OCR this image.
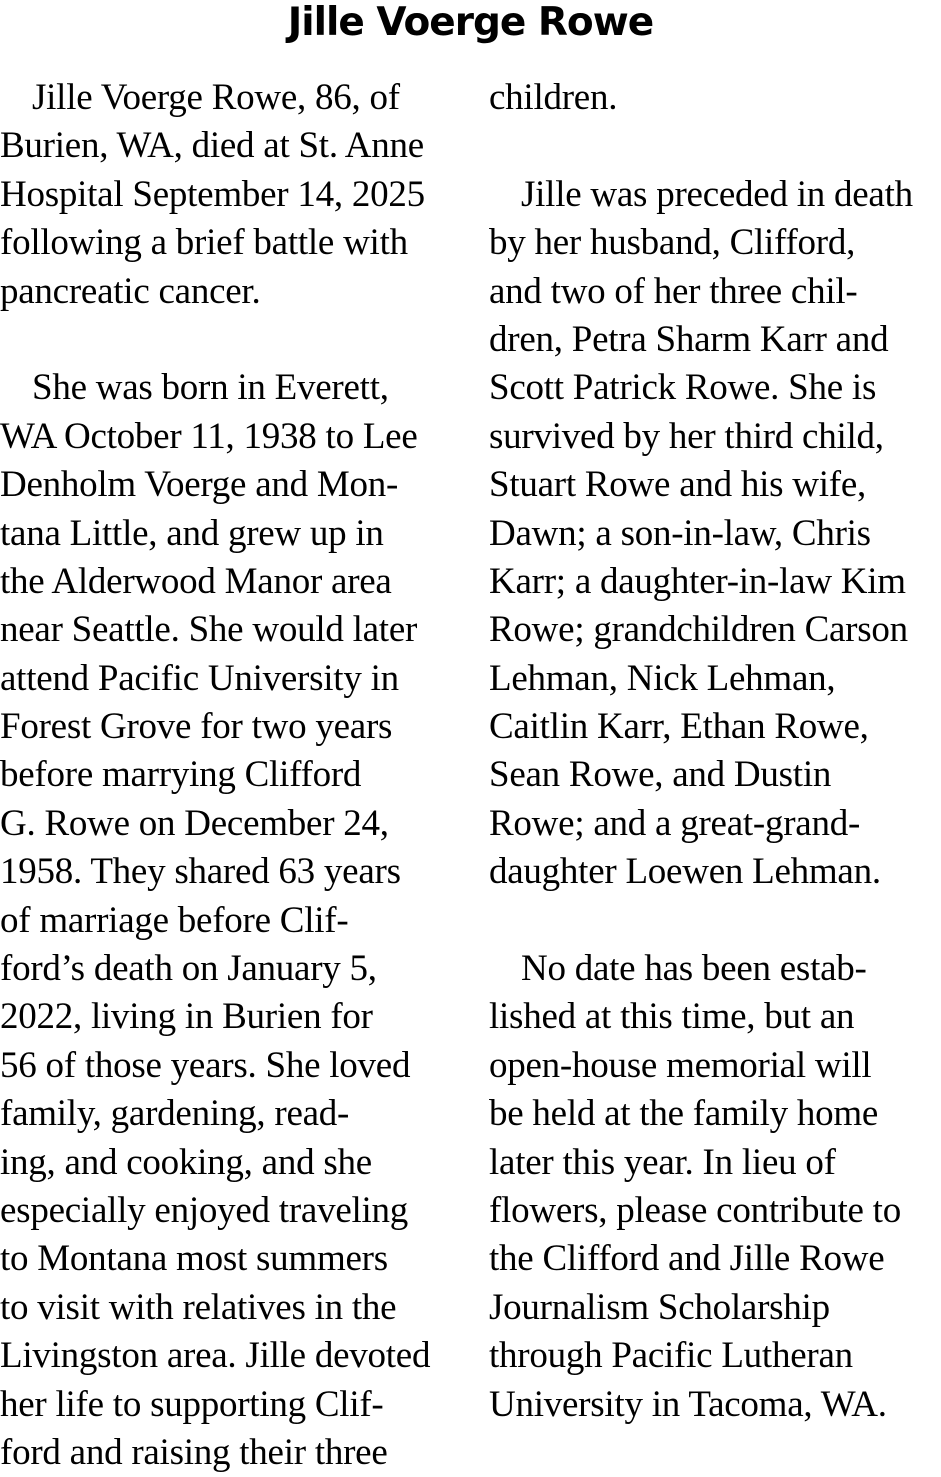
Jille Voerge Rowe
Jille Voerge Rowe, 86, of
Burien, WA, died at St. Anne
Hospital September 14, 2025
following a brief battle with
pancreatic cancer.
She was born in Everett,
WA October 11, 1938 to Lee
Denholm Voerge and Mon-
tana Little, and grew up in
the Alderwood Manor area
near Seattle. She would later
attend Pacific University in
Forest Grove for two years
before marrying Clifford
G. Rowe on December 24,
1958. They shared 63 years
of marriage before Clif-
ford’s death on January 5,
2022, living in Burien for
56 of those years. She loved
family, gardening, read-
ing, and cooking, and she
especially enjoyed traveling
to Montana most summers
to visit with relatives in the
Livingston area. Jille devoted
her life to supporting Clif-
ford and raising their three
children.
Jille was preceded in death
by her husband, Clifford,
and two of her three chil-
dren, Petra Sharm Karr and
Scott Patrick Rowe. She is
survived by her third child,
Stuart Rowe and his wife,
Dawn; a son-in-law, Chris
Karr; a daughter-in-law Kim
Rowe; grandchildren Carson
Lehman, Nick Lehman,
Caitlin Karr, Ethan Rowe,
Sean Rowe, and Dustin
Rowe; and a great-grand-
daughter Loewen Lehman.
No date has been estab-
lished at this time, but an
open-house memorial will
be held at the family home
later this year. In lieu of
flowers, please contribute to
the Clifford and Jille Rowe
Journalism Scholarship
through Pacific Lutheran
University in Tacoma, WA.
